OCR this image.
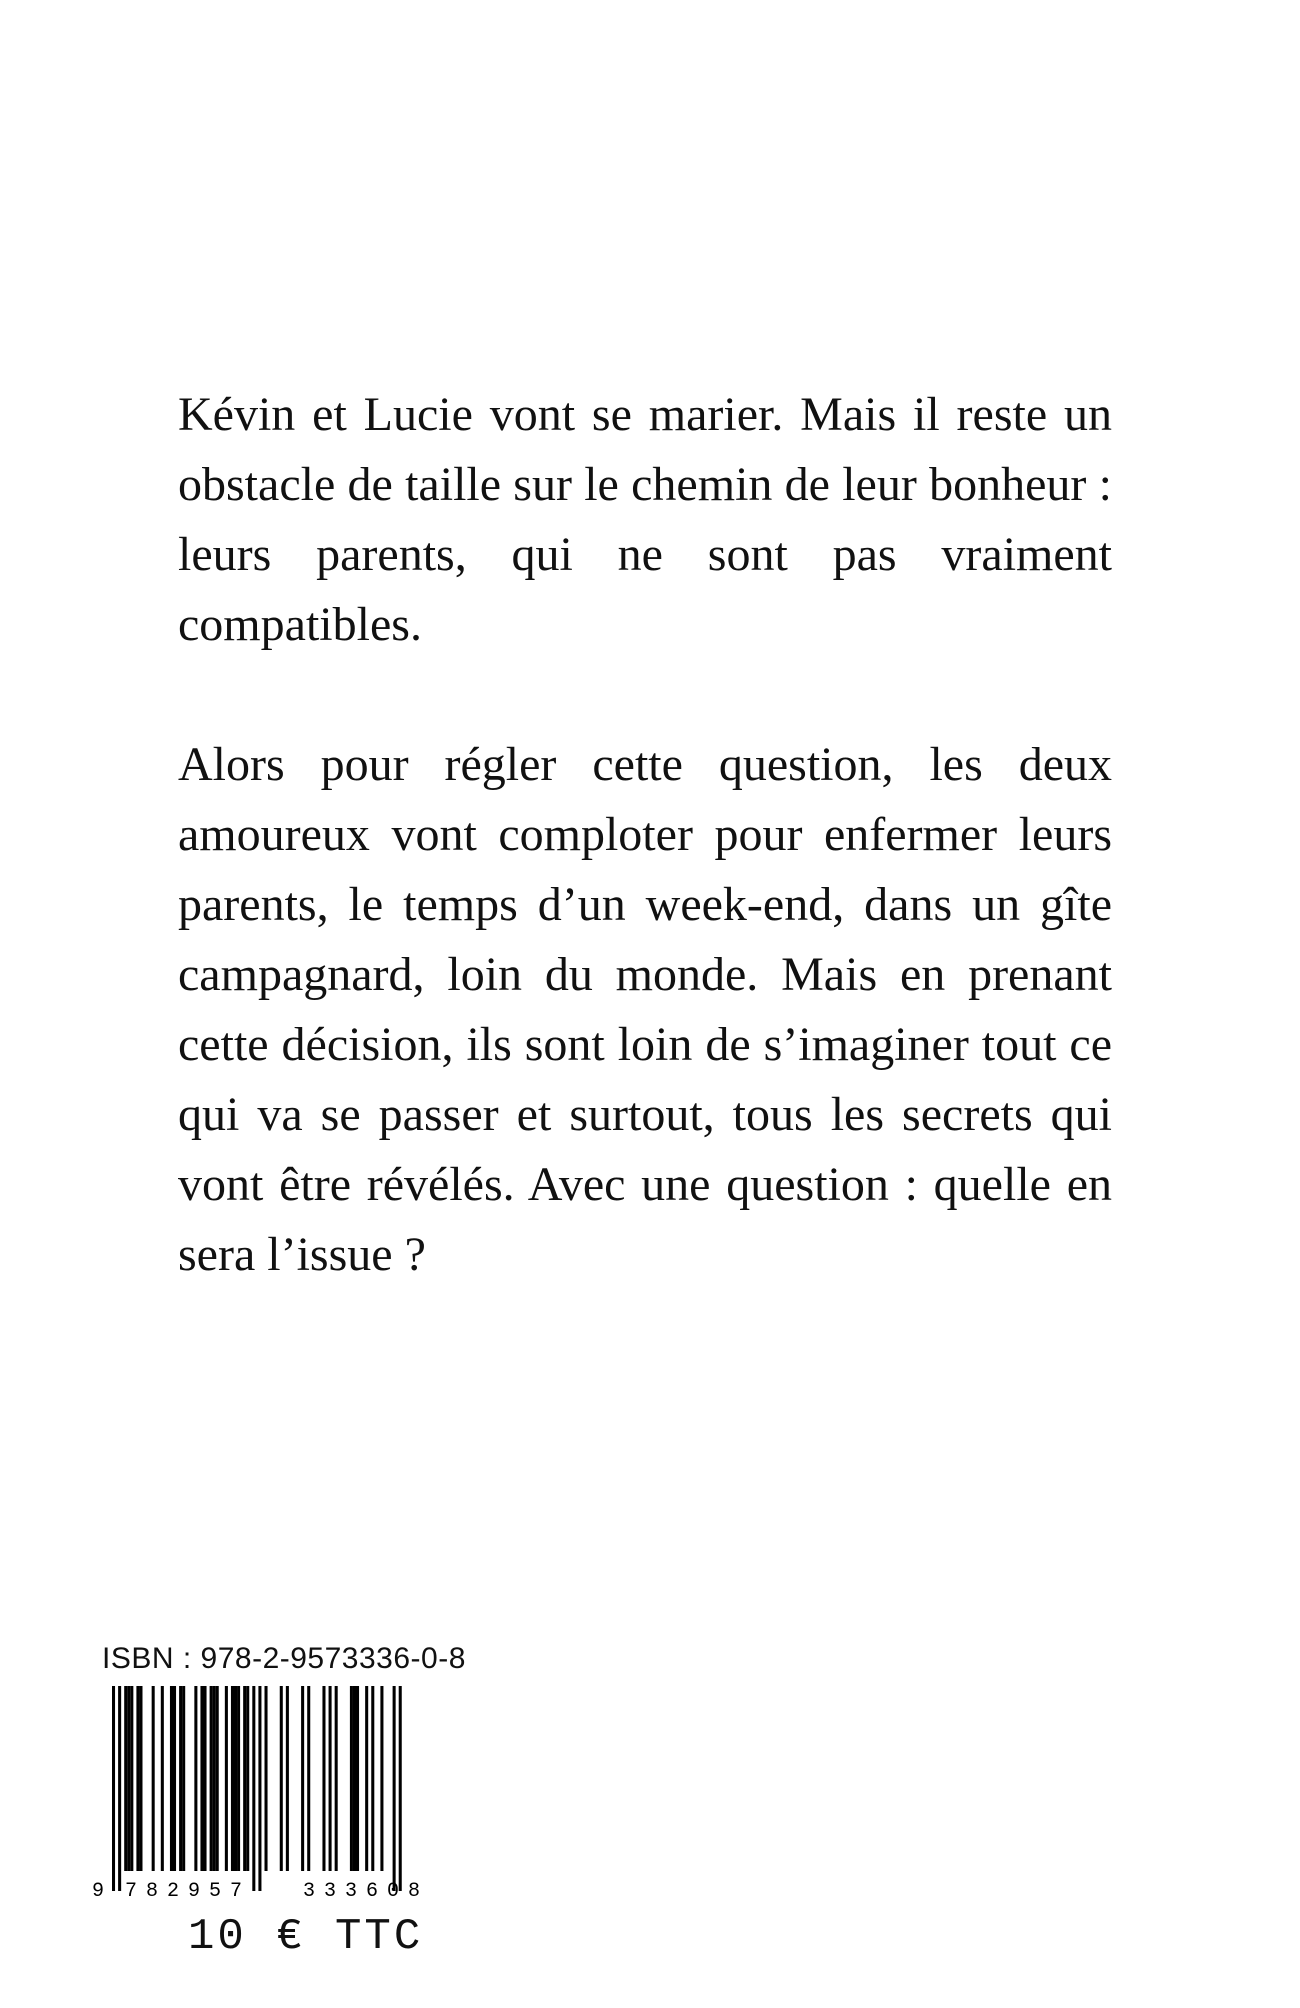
Kévin et Lucie vont se marier. Mais il reste un obstacle de taille sur le chemin de leur bonheur : leurs parents, qui ne sont pas vraiment compatibles.

Alors pour régler cette question, les deux amoureux vont comploter pour enfermer leurs parents, le temps d’un week-end, dans un gîte campagnard, loin du monde. Mais en prenant cette décision, ils sont loin de s’imaginer tout ce qui va se passer et surtout, tous les secrets qui vont être révélés. Avec une question : quelle en sera l’issue ?

ISBN : 978-2-9573336-0-8
9 782957	333608
10 € TTC
